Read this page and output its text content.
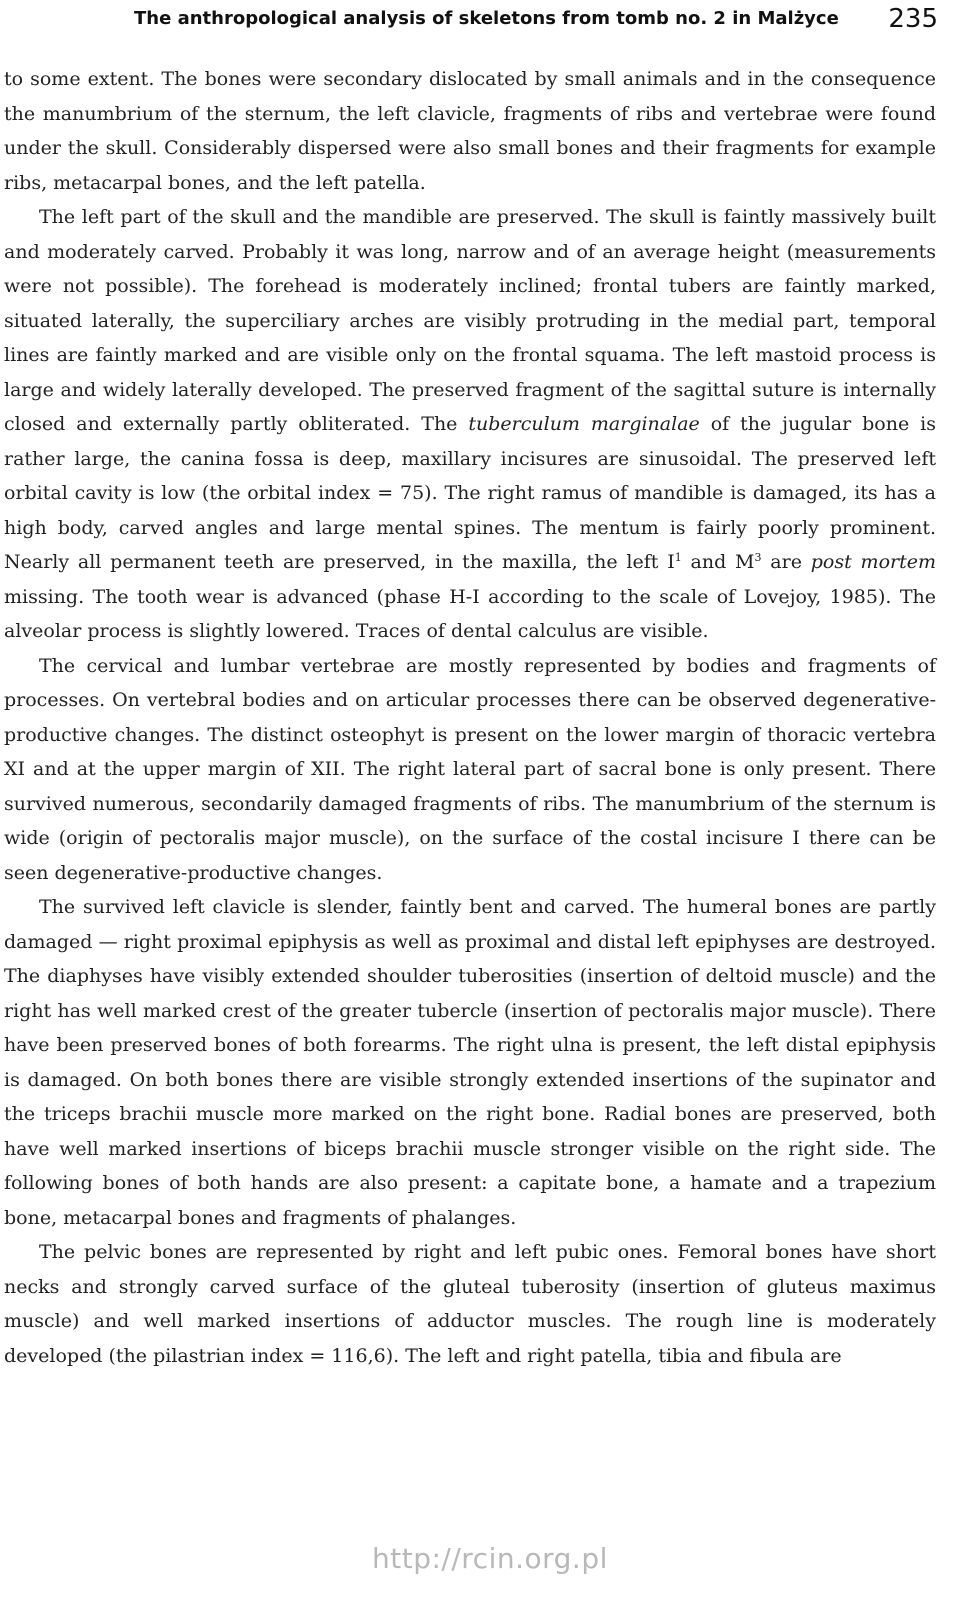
The anthropological analysis of skeletons from tomb no. 2 in Malżyce 235

to some extent. The bones were secondary dislocated by small animals and in the consequence the manumbrium of the sternum, the left clavicle, fragments of ribs and vertebrae were found under the skull. Considerably dispersed were also small bones and their fragments for example ribs, metacarpal bones, and the left patella.

The left part of the skull and the mandible are preserved. The skull is faintly massively built and moderately carved. Probably it was long, narrow and of an average height (measurements were not possible). The forehead is moderately inclined; frontal tubers are faintly marked, situated laterally, the superciliary arches are visibly protruding in the medial part, temporal lines are faintly marked and are visible only on the frontal squama. The left mastoid process is large and widely laterally developed. The preserved fragment of the sagittal suture is internally closed and externally partly obliterated. The tuberculum marginalae of the jugular bone is rather large, the canina fossa is deep, maxillary incisures are sinusoidal. The preserved left orbital cavity is low (the orbital index = 75). The right ramus of mandible is damaged, its has a high body, carved angles and large mental spines. The mentum is fairly poorly prominent. Nearly all permanent teeth are preserved, in the maxilla, the left $I^1$ and $M^3$ are post mortem missing. The tooth wear is advanced (phase H-I according to the scale of Lovejoy, 1985). The alveolar process is slightly lowered. Traces of dental calculus are visible.

The cervical and lumbar vertebrae are mostly represented by bodies and fragments of processes. On vertebral bodies and on articular processes there can be observed degenerative-productive changes. The distinct osteophyt is present on the lower margin of thoracic vertebra XI and at the upper margin of XII. The right lateral part of sacral bone is only present. There survived numerous, secondarily damaged fragments of ribs. The manumbrium of the sternum is wide (origin of pectoralis major muscle), on the surface of the costal incisure I there can be seen degenerative-productive changes.

The survived left clavicle is slender, faintly bent and carved. The humeral bones are partly damaged — right proximal epiphysis as well as proximal and distal left epiphyses are destroyed. The diaphyses have visibly extended shoulder tuberosities (insertion of deltoid muscle) and the right has well marked crest of the greater tubercle (insertion of pectoralis major muscle). There have been preserved bones of both forearms. The right ulna is present, the left distal epiphysis is damaged. On both bones there are visible strongly extended insertions of the supinator and the triceps brachii muscle more marked on the right bone. Radial bones are preserved, both have well marked insertions of biceps brachii muscle stronger visible on the right side. The following bones of both hands are also present: a capitate bone, a hamate and a trapezium bone, metacarpal bones and fragments of phalanges.

The pelvic bones are represented by right and left pubic ones. Femoral bones have short necks and strongly carved surface of the gluteal tuberosity (insertion of gluteus maximus muscle) and well marked insertions of adductor muscles. The rough line is moderately developed (the pilastrian index = 116,6). The left and right patella, tibia and fibula are

http://rcin.org.pl
